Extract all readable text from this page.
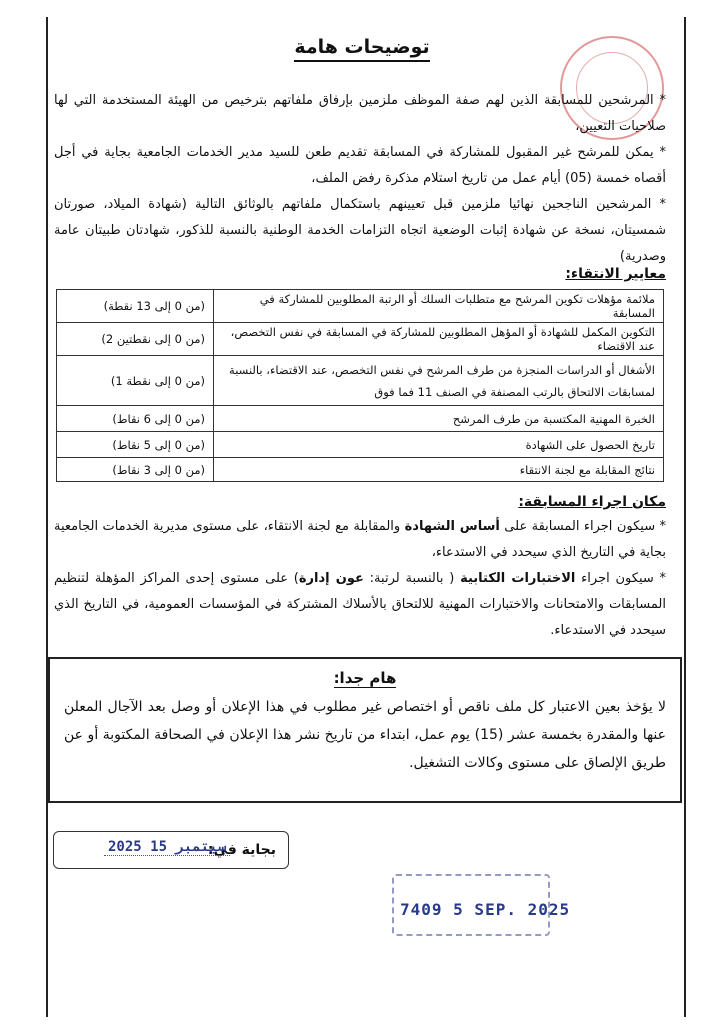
توضيحات هامة
* المرشحين للمسابقة الذين لهم صفة الموظف ملزمين بإرفاق ملفاتهم بترخيص من الهيئة المستخدمة التي لها صلاحيات التعيين،
* يمكن للمرشح غير المقبول للمشاركة في المسابقة تقديم طعن للسيد مدير الخدمات الجامعية بجاية في أجل أقصاه خمسة (05) أيام عمل من تاريخ استلام مذكرة رفض الملف،
* المرشحين الناجحين نهائيا ملزمين قبل تعيينهم باستكمال ملفاتهم بالوثائق التالية (شهادة الميلاد، صورتان شمسيتان، نسخة عن شهادة إثبات الوضعية اتجاه التزامات الخدمة الوطنية بالنسبة للذكور، شهادتان طبيتان عامة وصدرية)
معايير الانتقاء:
ملائمة مؤهلات تكوين المرشح مع متطلبات السلك أو الرتبة المطلوبين للمشاركة في المسابقة	(من 0 إلى 13 نقطة)
التكوين المكمل للشهادة أو المؤهل المطلوبين للمشاركة في المسابقة في نفس التخصص، عند الاقتضاء	(من 0 إلى نقطتين 2)
الأشغال أو الدراسات المنجزة من طرف المرشح في نفس التخصص، عند الاقتضاء، بالنسبة لمسابقات الالتحاق بالرتب المصنفة في الصنف 11 فما فوق	(من 0 إلى نقطة 1)
الخبرة المهنية المكتسبة من طرف المرشح	(من 0 إلى 6 نقاط)
تاريخ الحصول على الشهادة	(من 0 إلى 5 نقاط)
نتائج المقابلة مع لجنة الانتقاء	(من 0 إلى 3 نقاط)
مكان اجراء المسابقة:
* سيكون اجراء المسابقة على أساس الشهادة والمقابلة مع لجنة الانتقاء، على مستوى مديرية الخدمات الجامعية بجاية في التاريخ الذي سيحدد في الاستدعاء،
* سيكون اجراء الاختبارات الكتابية ( بالنسبة لرتبة: عون إدارة) على مستوى إحدى المراكز المؤهلة لتنظيم المسابقات والامتحانات والاختبارات المهنية للالتحاق بالأسلاك المشتركة في المؤسسات العمومية، في التاريخ الذي سيحدد في الاستدعاء.
هام جدا:
لا يؤخذ بعين الاعتبار كل ملف ناقص أو اختصاص غير مطلوب في هذا الإعلان أو وصل بعد الآجال المعلن عنها والمقدرة بخمسة عشر (15) يوم عمل، ابتداء من تاريخ نشر هذا الإعلان في الصحافة المكتوبة أو عن طريق الإلصاق على مستوى وكالات التشغيل.
بجاية في:
2025 سبتمبر 15
7409 5 SEP. 2025
